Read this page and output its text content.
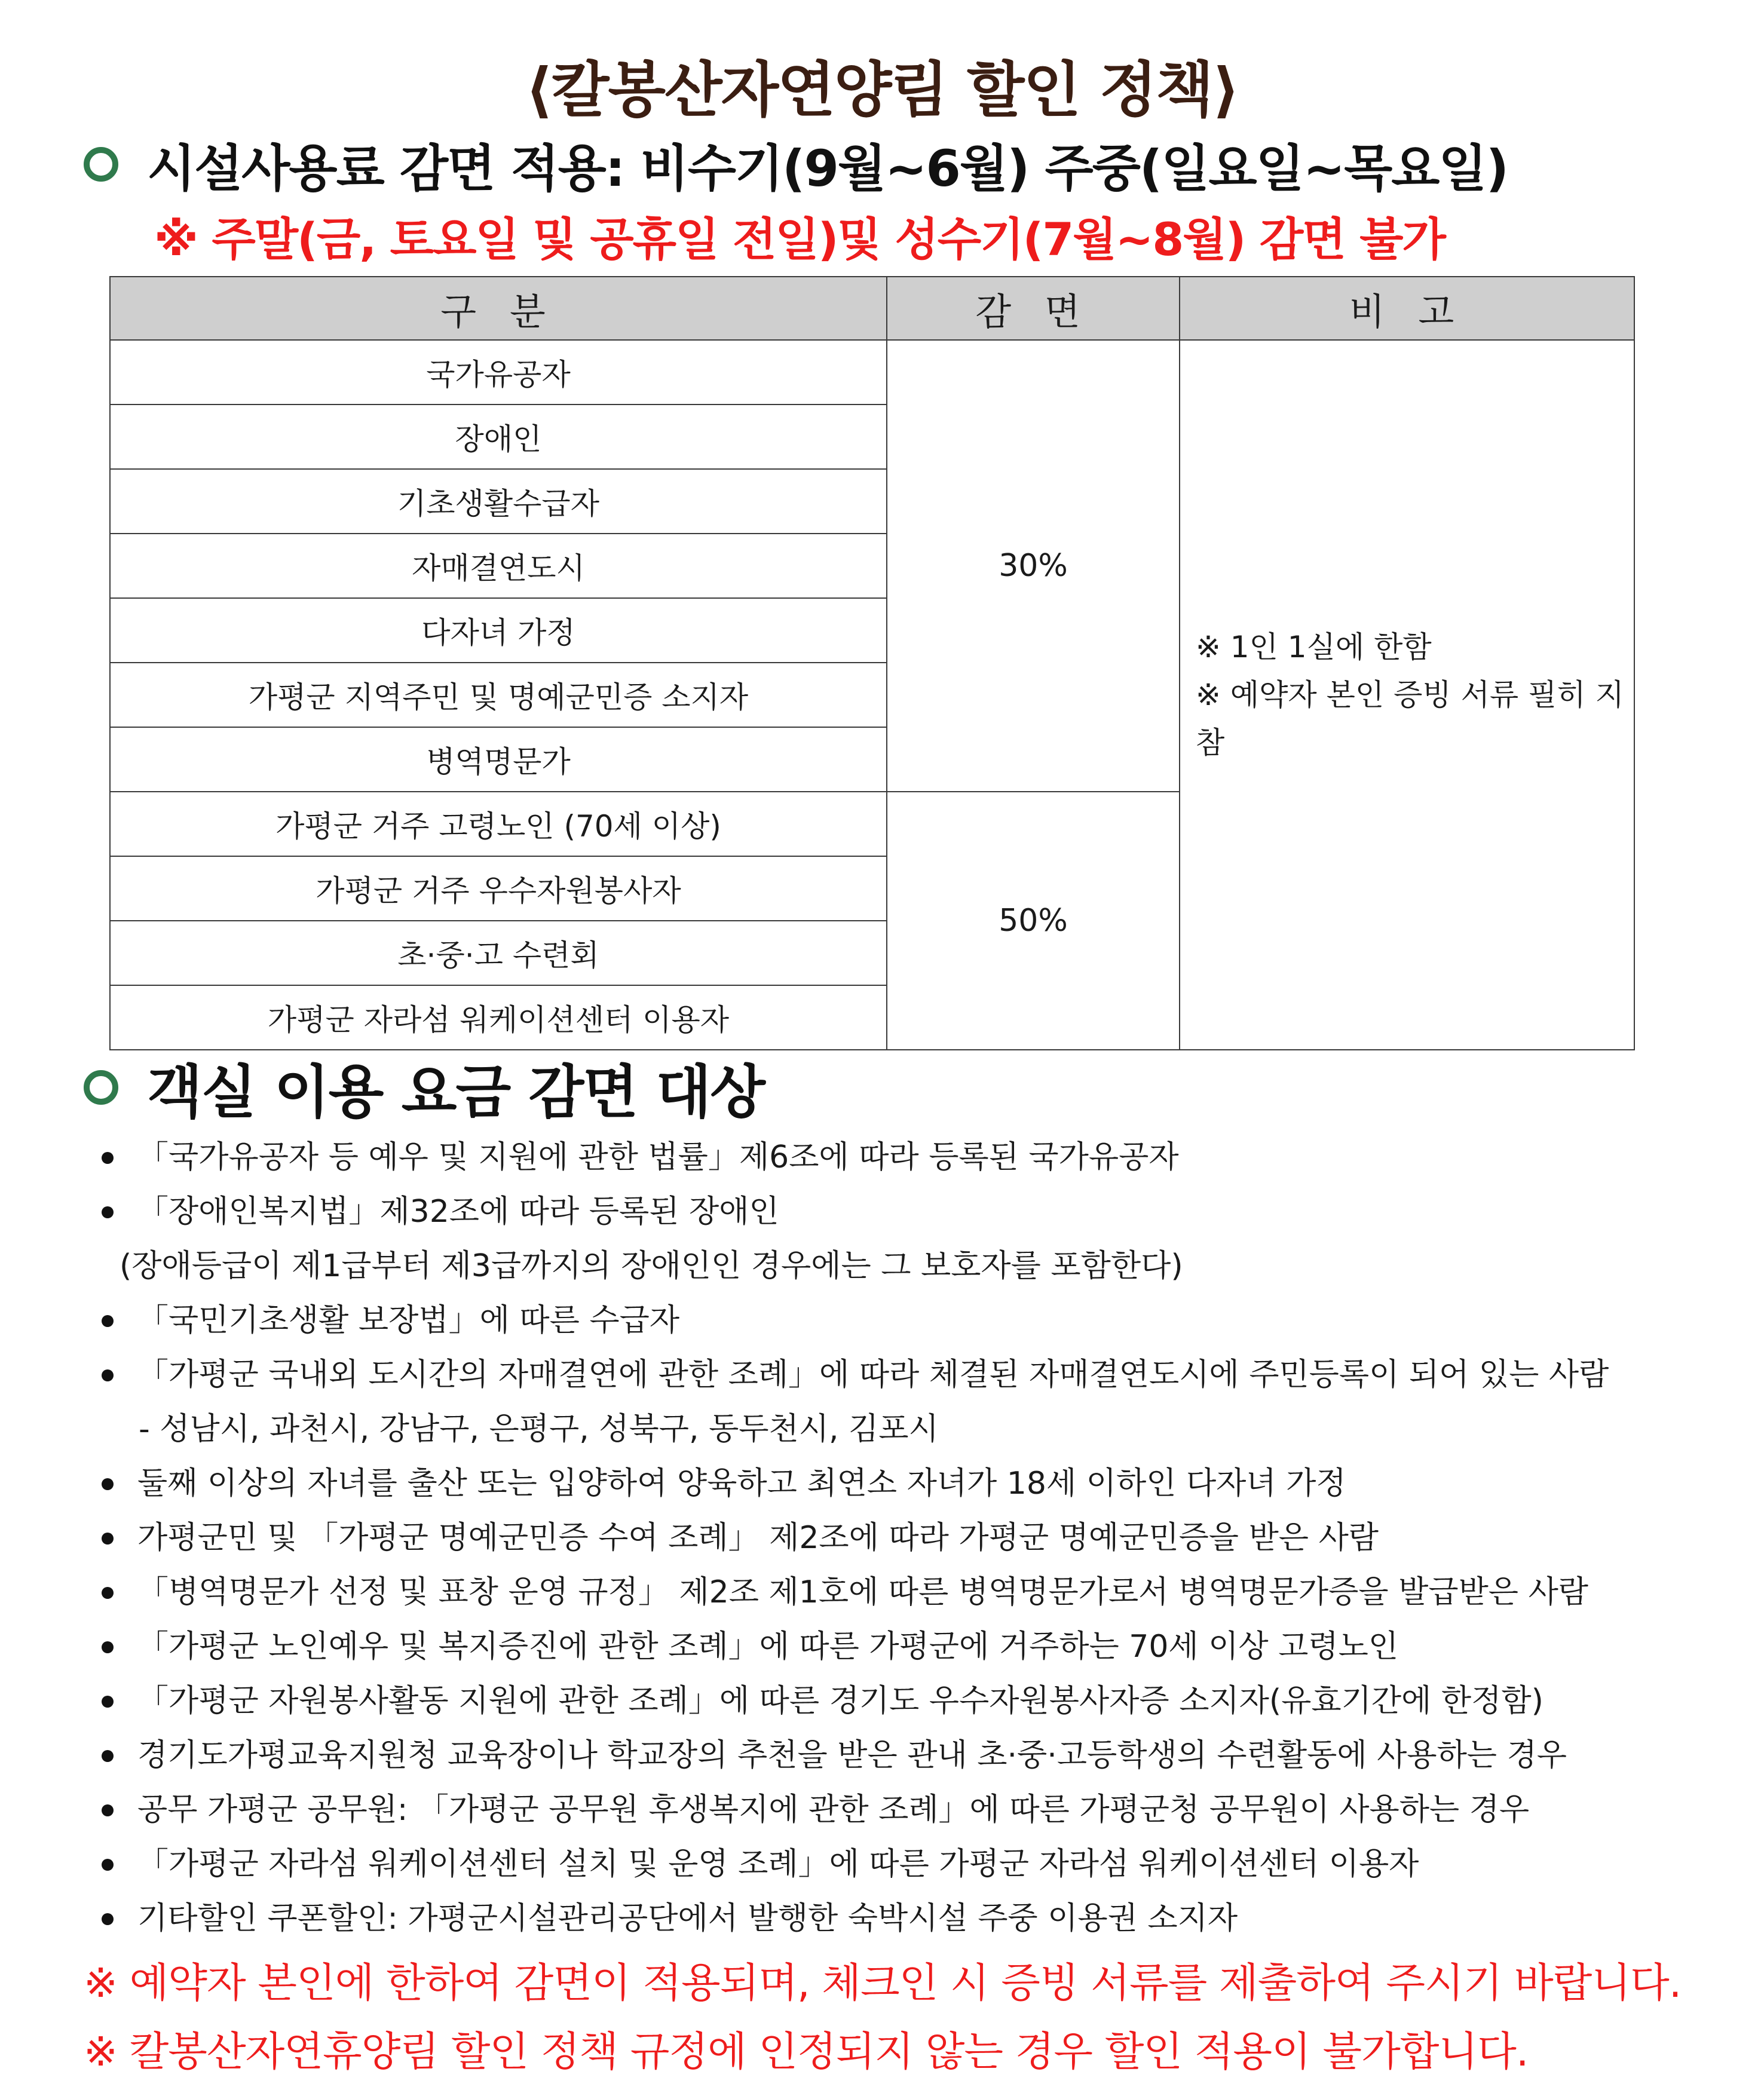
⟨칼봉산자연양림 할인 정책⟩
시설사용료 감면 적용: 비수기(9월~6월) 주중(일요일~목요일)
※ 주말(금, 토요일 및 공휴일 전일)및 성수기(7월~8월) 감면 불가
구 분	감 면	비 고
국가유공자	30%	※ 1인 1실에 한함
※ 예약자 본인 증빙 서류 필히 지참

장애인		
기초생활수급자		
자매결연도시		
다자녀 가정		
가평군 지역주민 및 명예군민증 소지자		
병역명문가		
가평군 거주 고령노인 (70세 이상)	50%	
가평군 거주 우수자원봉사자		
초·중·고 수련회		
가평군 자라섬 워케이션센터 이용자		
객실 이용 요금 감면 대상
「국가유공자 등 예우 및 지원에 관한 법률」제6조에 따라 등록된 국가유공자
「장애인복지법」제32조에 따라 등록된 장애인
(장애등급이 제1급부터 제3급까지의 장애인인 경우에는 그 보호자를 포함한다)
「국민기초생활 보장법」에 따른 수급자
「가평군 국내외 도시간의 자매결연에 관한 조례」에 따라 체결된 자매결연도시에 주민등록이 되어 있는 사람
- 성남시, 과천시, 강남구, 은평구, 성북구, 동두천시, 김포시
둘째 이상의 자녀를 출산 또는 입양하여 양육하고 최연소 자녀가 18세 이하인 다자녀 가정
가평군민 및 「가평군 명예군민증 수여 조례」 제2조에 따라 가평군 명예군민증을 받은 사람
「병역명문가 선정 및 표창 운영 규정」 제2조 제1호에 따른 병역명문가로서 병역명문가증을 발급받은 사람
「가평군 노인예우 및 복지증진에 관한 조례」에 따른 가평군에 거주하는 70세 이상 고령노인
「가평군 자원봉사활동 지원에 관한 조례」에 따른 경기도 우수자원봉사자증 소지자(유효기간에 한정함)
경기도가평교육지원청 교육장이나 학교장의 추천을 받은 관내 초·중·고등학생의 수련활동에 사용하는 경우
공무 가평군 공무원: 「가평군 공무원 후생복지에 관한 조례」에 따른 가평군청 공무원이 사용하는 경우
「가평군 자라섬 워케이션센터 설치 및 운영 조례」에 따른 가평군 자라섬 워케이션센터 이용자
기타할인 쿠폰할인: 가평군시설관리공단에서 발행한 숙박시설 주중 이용권 소지자
※ 예약자 본인에 한하여 감면이 적용되며, 체크인 시 증빙 서류를 제출하여 주시기 바랍니다.
※ 칼봉산자연휴양림 할인 정책 규정에 인정되지 않는 경우 할인 적용이 불가합니다.
